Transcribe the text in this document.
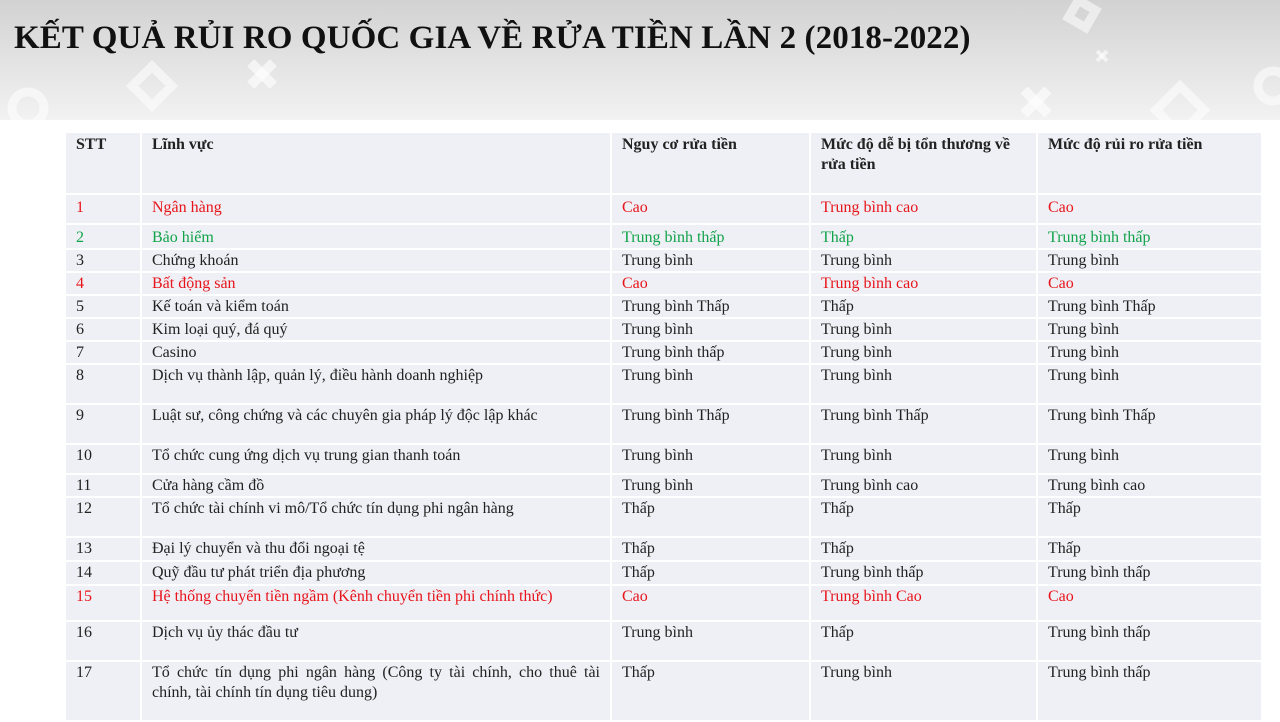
KẾT QUẢ RỦI RO QUỐC GIA VỀ RỬA TIỀN LẦN 2 (2018-2022)
STT	Lĩnh vực	Nguy cơ rửa tiền	Mức độ dễ bị tổn thương về rửa tiền	Mức độ rủi ro rửa tiền
1	Ngân hàng	Cao	Trung bình cao	Cao
2	Bảo hiểm	Trung bình thấp	Thấp	Trung bình thấp
3	Chứng khoán	Trung bình	Trung bình	Trung bình
4	Bất động sản	Cao	Trung bình cao	Cao
5	Kế toán và kiểm toán	Trung bình Thấp	Thấp	Trung bình Thấp
6	Kim loại quý, đá quý	Trung bình	Trung bình	Trung bình
7	Casino	Trung bình thấp	Trung bình	Trung bình
8	Dịch vụ thành lập, quản lý, điều hành doanh nghiệp	Trung bình	Trung bình	Trung bình
9	Luật sư, công chứng và các chuyên gia pháp lý độc lập khác	Trung bình Thấp	Trung bình Thấp	Trung bình Thấp
10	Tổ chức cung ứng dịch vụ trung gian thanh toán	Trung bình	Trung bình	Trung bình
11	Cửa hàng cầm đồ	Trung bình	Trung bình cao	Trung bình cao
12	Tổ chức tài chính vi mô/Tổ chức tín dụng phi ngân hàng	Thấp	Thấp	Thấp
13	Đại lý chuyển và thu đổi ngoại tệ	Thấp	Thấp	Thấp
14	Quỹ đầu tư phát triển địa phương	Thấp	Trung bình thấp	Trung bình thấp
15	Hệ thống chuyển tiền ngầm (Kênh chuyển tiền phi chính thức)	Cao	Trung bình Cao	Cao
16	Dịch vụ ủy thác đầu tư	Trung bình	Thấp	Trung bình thấp
17	Tổ chức tín dụng phi ngân hàng (Công ty tài chính, cho thuê tài chính, tài chính tín dụng tiêu dung)	Thấp	Trung bình	Trung bình thấp
